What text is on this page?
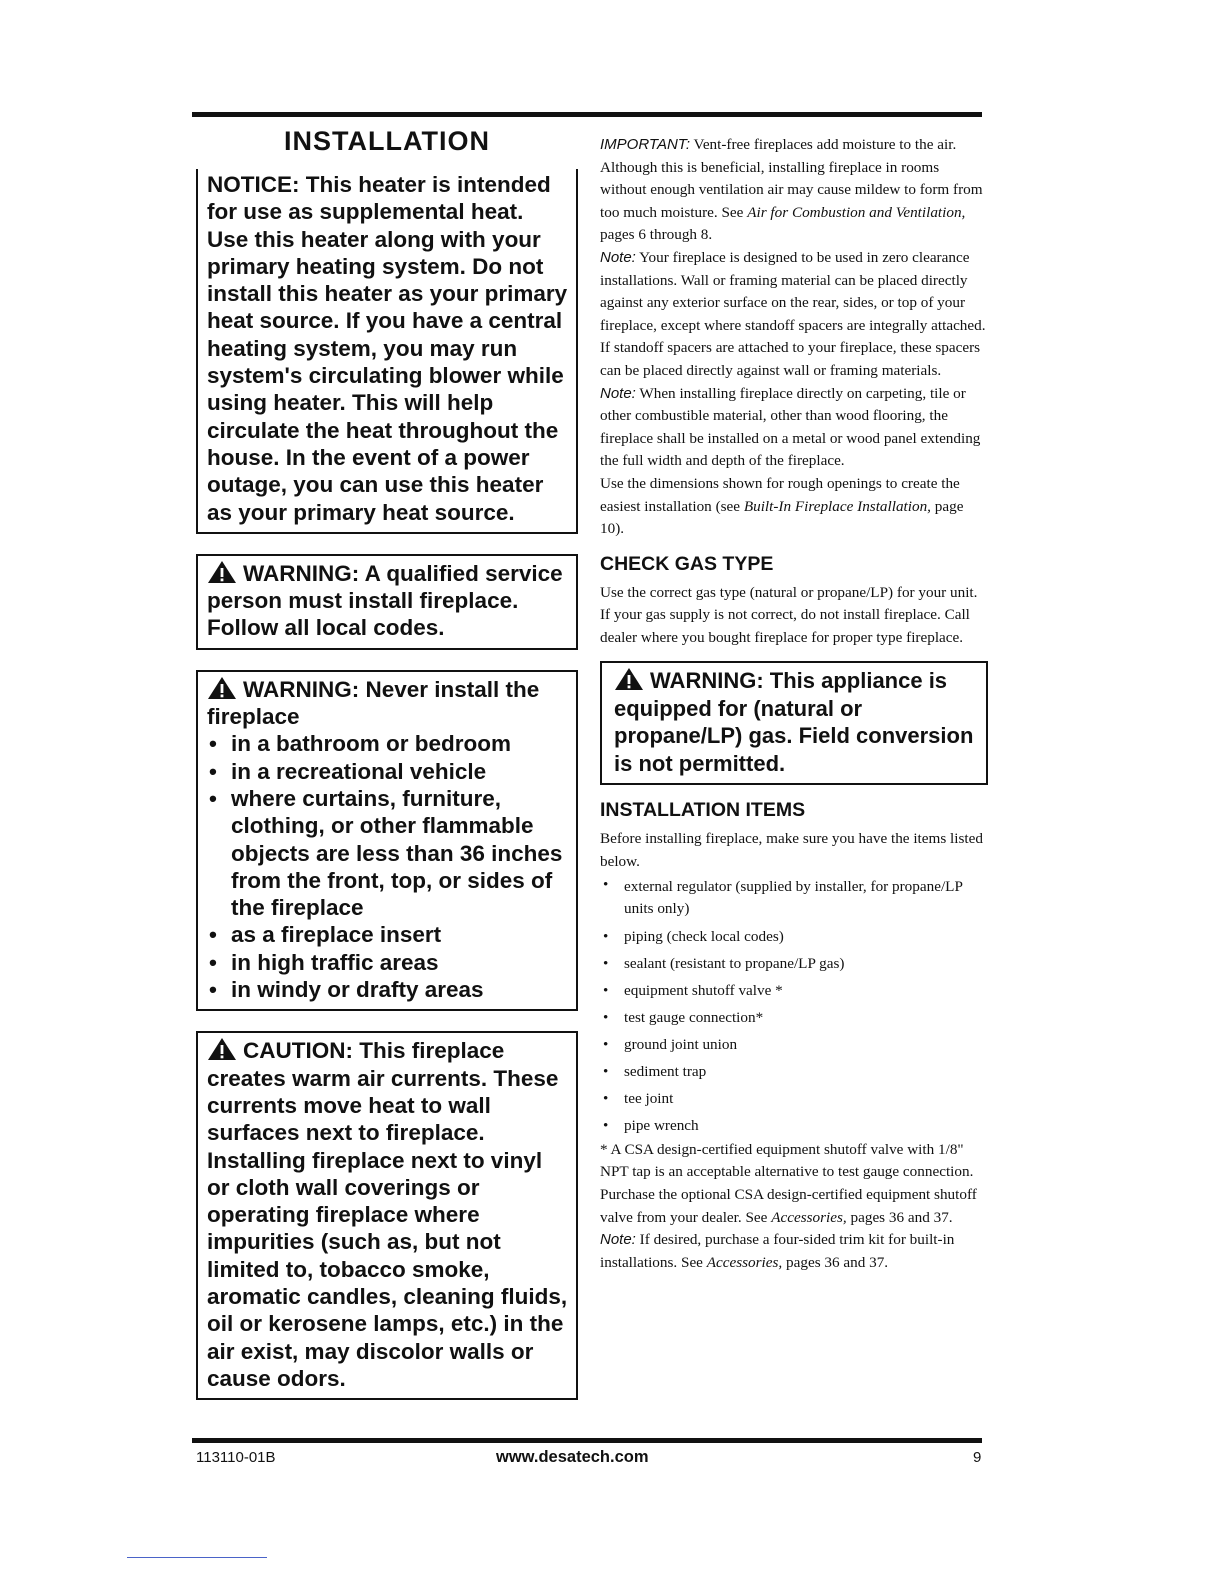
INSTALLATION

NOTICE: This heater is intended for use as supplemental heat. Use this heater along with your primary heating system. Do not install this heater as your primary heat source. If you have a central heating system, you may run system's circulating blower while using heater. This will help circulate the heat throughout the house. In the event of a power outage, you can use this heater as your primary heat source.

WARNING: A qualified service person must install fireplace. Follow all local codes.

WARNING: Never install the fireplace

• in a bathroom or bedroom
• in a recreational vehicle
• where curtains, furniture, clothing, or other flammable objects are less than 36 inches from the front, top, or sides of the fireplace
• as a fireplace insert
• in high traffic areas
• in windy or drafty areas

CAUTION: This fireplace creates warm air currents. These currents move heat to wall surfaces next to fireplace. Installing fireplace next to vinyl or cloth wall coverings or operating fireplace where impurities (such as, but not limited to, tobacco smoke, aromatic candles, cleaning fluids, oil or kerosene lamps, etc.) in the air exist, may discolor walls or cause odors.

IMPORTANT: Vent-free fireplaces add moisture to the air. Although this is beneficial, installing fireplace in rooms without enough ventilation air may cause mildew to form from too much moisture. See Air for Combustion and Ventilation, pages 6 through 8.

Note: Your fireplace is designed to be used in zero clearance installations. Wall or framing material can be placed directly against any exterior surface on the rear, sides, or top of your fireplace, except where standoff spacers are integrally attached. If standoff spacers are attached to your fireplace, these spacers can be placed directly against wall or framing materials.

Note: When installing fireplace directly on carpeting, tile or other combustible material, other than wood flooring, the fireplace shall be installed on a metal or wood panel extending the full width and depth of the fireplace.

Use the dimensions shown for rough openings to create the easiest installation (see Built-In Fireplace Installation, page 10).

CHECK GAS TYPE

Use the correct gas type (natural or propane/LP) for your unit. If your gas supply is not correct, do not install fireplace. Call dealer where you bought fireplace for proper type fireplace.

WARNING: This appliance is equipped for (natural or propane/LP) gas. Field conversion is not permitted.

INSTALLATION ITEMS

Before installing fireplace, make sure you have the items listed below.

• external regulator (supplied by installer, for propane/LP units only)
• piping (check local codes)
• sealant (resistant to propane/LP gas)
• equipment shutoff valve *
• test gauge connection*
• ground joint union
• sediment trap
• tee joint
• pipe wrench

* A CSA design-certified equipment shutoff valve with 1/8" NPT tap is an acceptable alternative to test gauge connection. Purchase the optional CSA design-certified equipment shutoff valve from your dealer. See Accessories, pages 36 and 37.

Note: If desired, purchase a four-sided trim kit for built-in installations. See Accessories, pages 36 and 37.

113110-01B	www.desatech.com	9
